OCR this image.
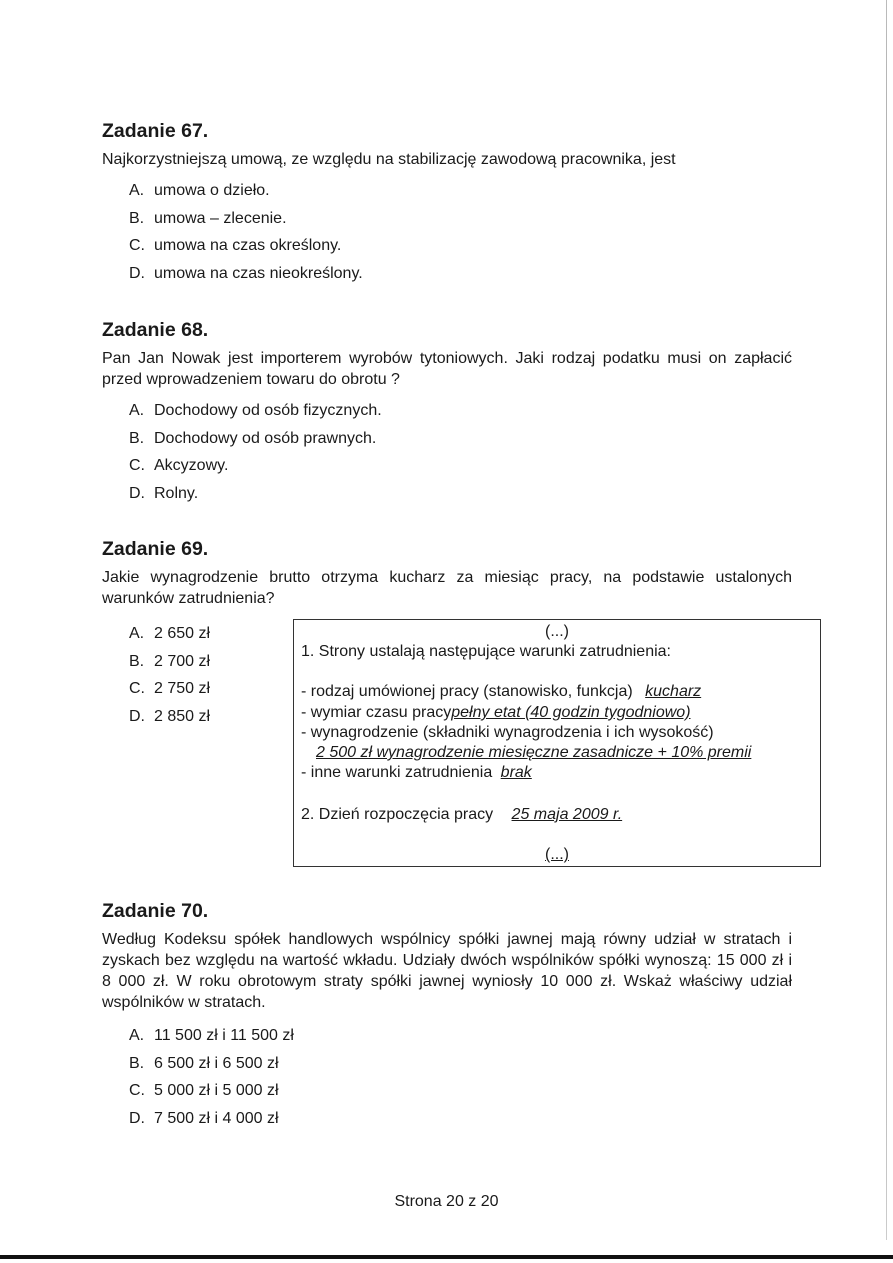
Zadanie 67.

Najkorzystniejszą umową, ze względu na stabilizację zawodową pracownika, jest

A. umowa o dzieło.
B. umowa – zlecenie.
C. umowa na czas określony.
D. umowa na czas nieokreślony.
Zadanie 68.

Pan Jan Nowak jest importerem wyrobów tytoniowych. Jaki rodzaj podatku musi on zapłacić przed wprowadzeniem towaru do obrotu ?

A. Dochodowy od osób fizycznych.
B. Dochodowy od osób prawnych.
C. Akcyzowy.
D. Rolny.
Zadanie 69.

Jakie wynagrodzenie brutto otrzyma kucharz za miesiąc pracy, na podstawie ustalonych warunków zatrudnienia?

A. 2 650 zł
B. 2 700 zł
C. 2 750 zł
D. 2 850 zł
(...)
1. Strony ustalają następujące warunki zatrudnienia:
- rodzaj umówionej pracy (stanowisko, funkcja) kucharz
- wymiar czasu pracypełny etat (40 godzin tygodniowo)
- wynagrodzenie (składniki wynagrodzenia i ich wysokość)
2 500 zł wynagrodzenie miesięczne zasadnicze + 10% premii
- inne warunki zatrudnienia brak
2. Dzień rozpoczęcia pracy 25 maja 2009 r.
(...)
Zadanie 70.

Według Kodeksu spółek handlowych wspólnicy spółki jawnej mają równy udział w stratach i zyskach bez względu na wartość wkładu. Udziały dwóch wspólników spółki wynoszą: 15 000 zł i 8 000 zł. W roku obrotowym straty spółki jawnej wyniosły 10 000 zł. Wskaż właściwy udział wspólników w stratach.

A. 11 500 zł i 11 500 zł
B. 6 500 zł i 6 500 zł
C. 5 000 zł i 5 000 zł
D. 7 500 zł i 4 000 zł
Strona 20 z 20
